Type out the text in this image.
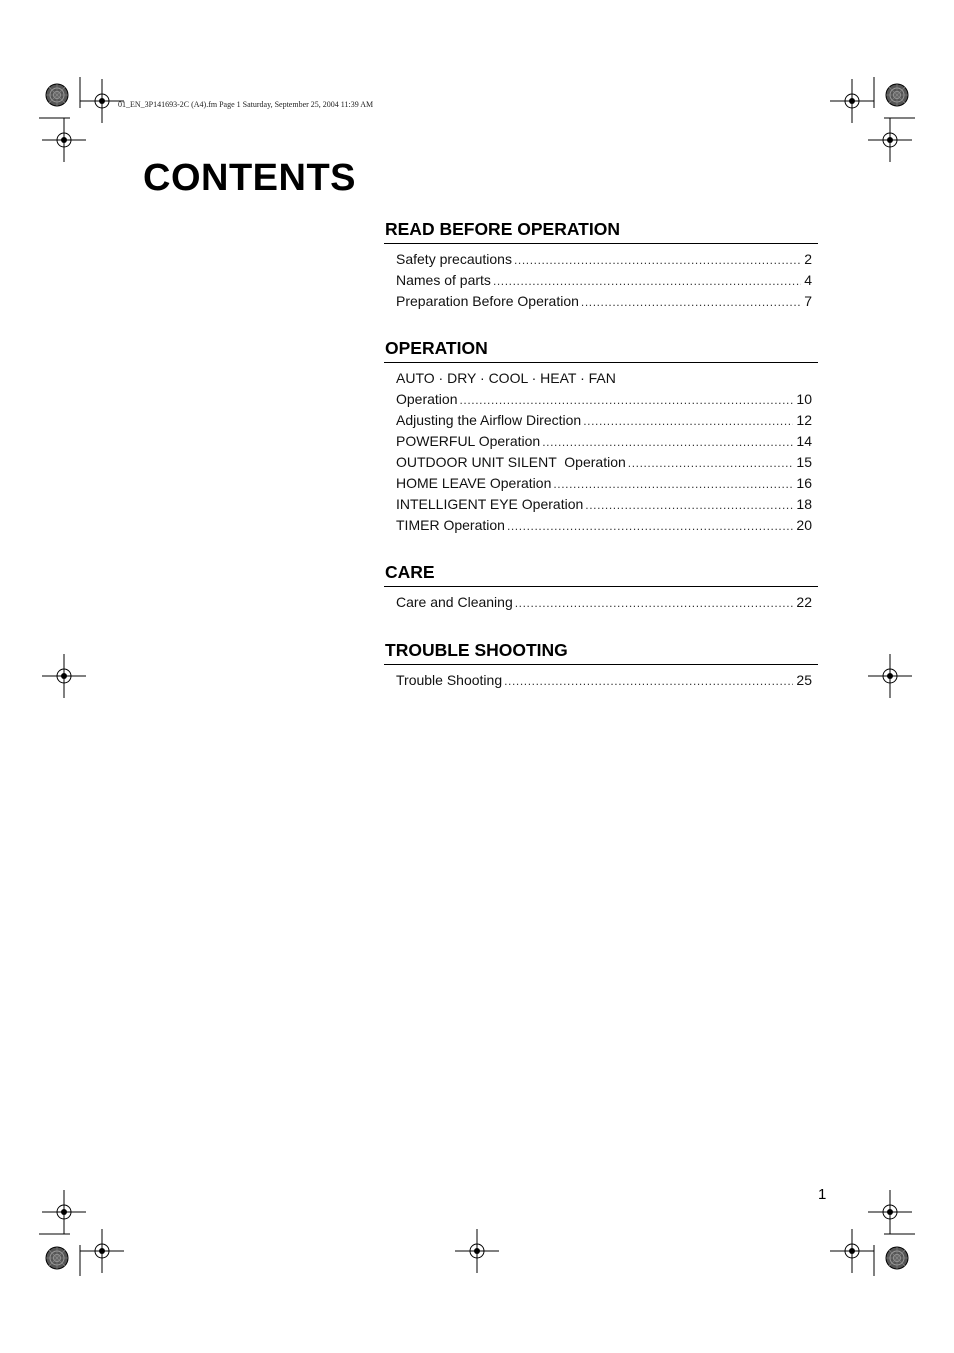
01_EN_3P141693-2C (A4).fm Page 1 Saturday, September 25, 2004 11:39 AM
CONTENTS
READ BEFORE OPERATION
Safety precautions .....	2
Names of parts .....	4
Preparation Before Operation .....	7
OPERATION
AUTO · DRY · COOL · HEAT · FAN
Operation .....	10
Adjusting the Airflow Direction .....	12
POWERFUL Operation .....	14
OUTDOOR UNIT SILENT  Operation .....	15
HOME LEAVE Operation .....	16
INTELLIGENT EYE Operation .....	18
TIMER Operation .....	20
CARE
Care and Cleaning .....	22
TROUBLE SHOOTING
Trouble Shooting .....	25
1
